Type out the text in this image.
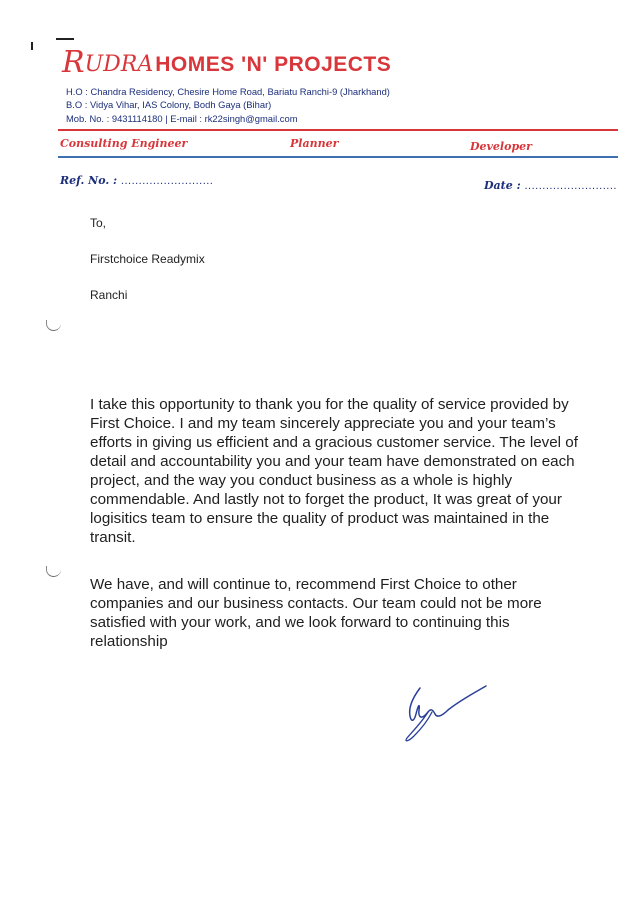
R UDRA HOMES 'N' PROJECTS
H.O : Chandra Residency, Chesire Home Road, Bariatu Ranchi-9 (Jharkhand)
B.O : Vidya Vihar, IAS Colony, Bodh Gaya (Bihar)
Mob. No. : 9431114180 | E-mail : rk22singh@gmail.com
Consulting Engineer	Planner	Developer
Ref. No. : ..........................	Date : ..........................
To,
Firstchoice Readymix
Ranchi

I take this opportunity to thank you for the quality of service provided by First Choice. I and my team sincerely appreciate you and your team’s efforts in giving us efficient and a gracious customer service. The level of detail and accountability you and your team have demonstrated on each project, and the way you conduct business as a whole is highly commendable. And lastly not to forget the product, It was great of your logisitics team to ensure the quality of product was maintained in the transit.

We have, and will continue to, recommend First Choice to other companies and our business contacts. Our team could not be more satisfied with your work, and we look forward to continuing this relationship
